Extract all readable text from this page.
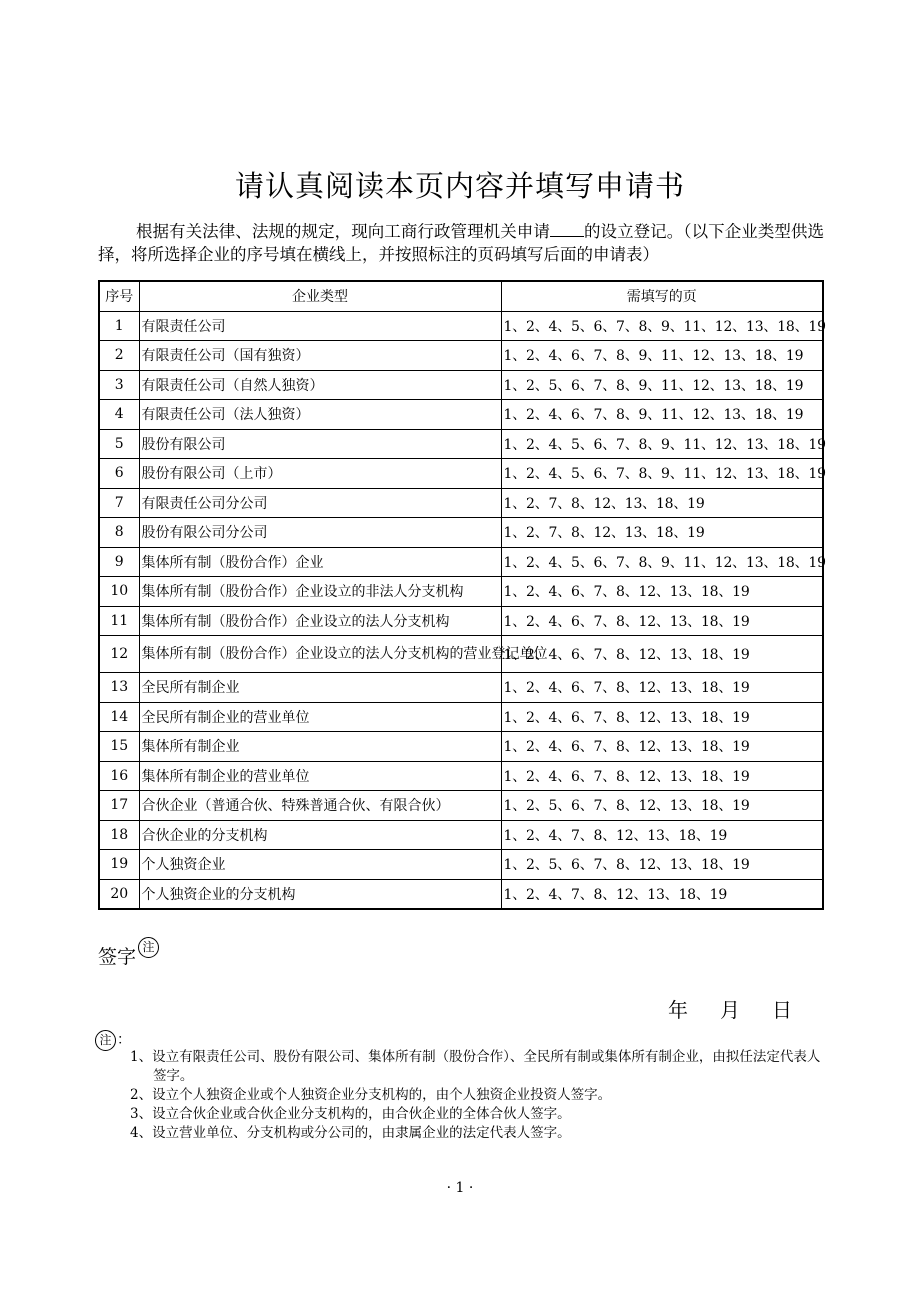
请认真阅读本页内容并填写申请书
根据有关法律、法规的规定，现向工商行政管理机关申请 的设立登记。（以下企业类型供选择，将所选择企业的序号填在横线上，并按照标注的页码填写后面的申请表）
序号	企业类型	需填写的页
1	有限责任公司	1、2、4、5、6、7、8、9、11、12、13、18、19
2	有限责任公司（国有独资）	1、2、4、6、7、8、9、11、12、13、18、19
3	有限责任公司（自然人独资）	1、2、5、6、7、8、9、11、12、13、18、19
4	有限责任公司（法人独资）	1、2、4、6、7、8、9、11、12、13、18、19
5	股份有限公司	1、2、4、5、6、7、8、9、11、12、13、18、19
6	股份有限公司（上市）	1、2、4、5、6、7、8、9、11、12、13、18、19
7	有限责任公司分公司	1、2、7、8、12、13、18、19
8	股份有限公司分公司	1、2、7、8、12、13、18、19
9	集体所有制（股份合作）企业	1、2、4、5、6、7、8、9、11、12、13、18、19
10	集体所有制（股份合作）企业设立的非法人分支机构	1、2、4、6、7、8、12、13、18、19
11	集体所有制（股份合作）企业设立的法人分支机构	1、2、4、6、7、8、12、13、18、19
12	集体所有制（股份合作）企业设立的法人分支机构的营业登记单位	1、2、4、6、7、8、12、13、18、19
13	全民所有制企业	1、2、4、6、7、8、12、13、18、19
14	全民所有制企业的营业单位	1、2、4、6、7、8、12、13、18、19
15	集体所有制企业	1、2、4、6、7、8、12、13、18、19
16	集体所有制企业的营业单位	1、2、4、6、7、8、12、13、18、19
17	合伙企业（普通合伙、特殊普通合伙、有限合伙）	1、2、5、6、7、8、12、13、18、19
18	合伙企业的分支机构	1、2、4、7、8、12、13、18、19
19	个人独资企业	1、2、5、6、7、8、12、13、18、19
20	个人独资企业的分支机构	1、2、4、7、8、12、13、18、19
签字 注
年 月 日
注 ：
1、设立有限责任公司、股份有限公司、集体所有制（股份合作）、全民所有制或集体所有制企业，由拟任法定代表人签字。
2、设立个人独资企业或个人独资企业分支机构的，由个人独资企业投资人签字。
3、设立合伙企业或合伙企业分支机构的，由合伙企业的全体合伙人签字。
4、设立营业单位、分支机构或分公司的，由隶属企业的法定代表人签字。
· 1 ·
